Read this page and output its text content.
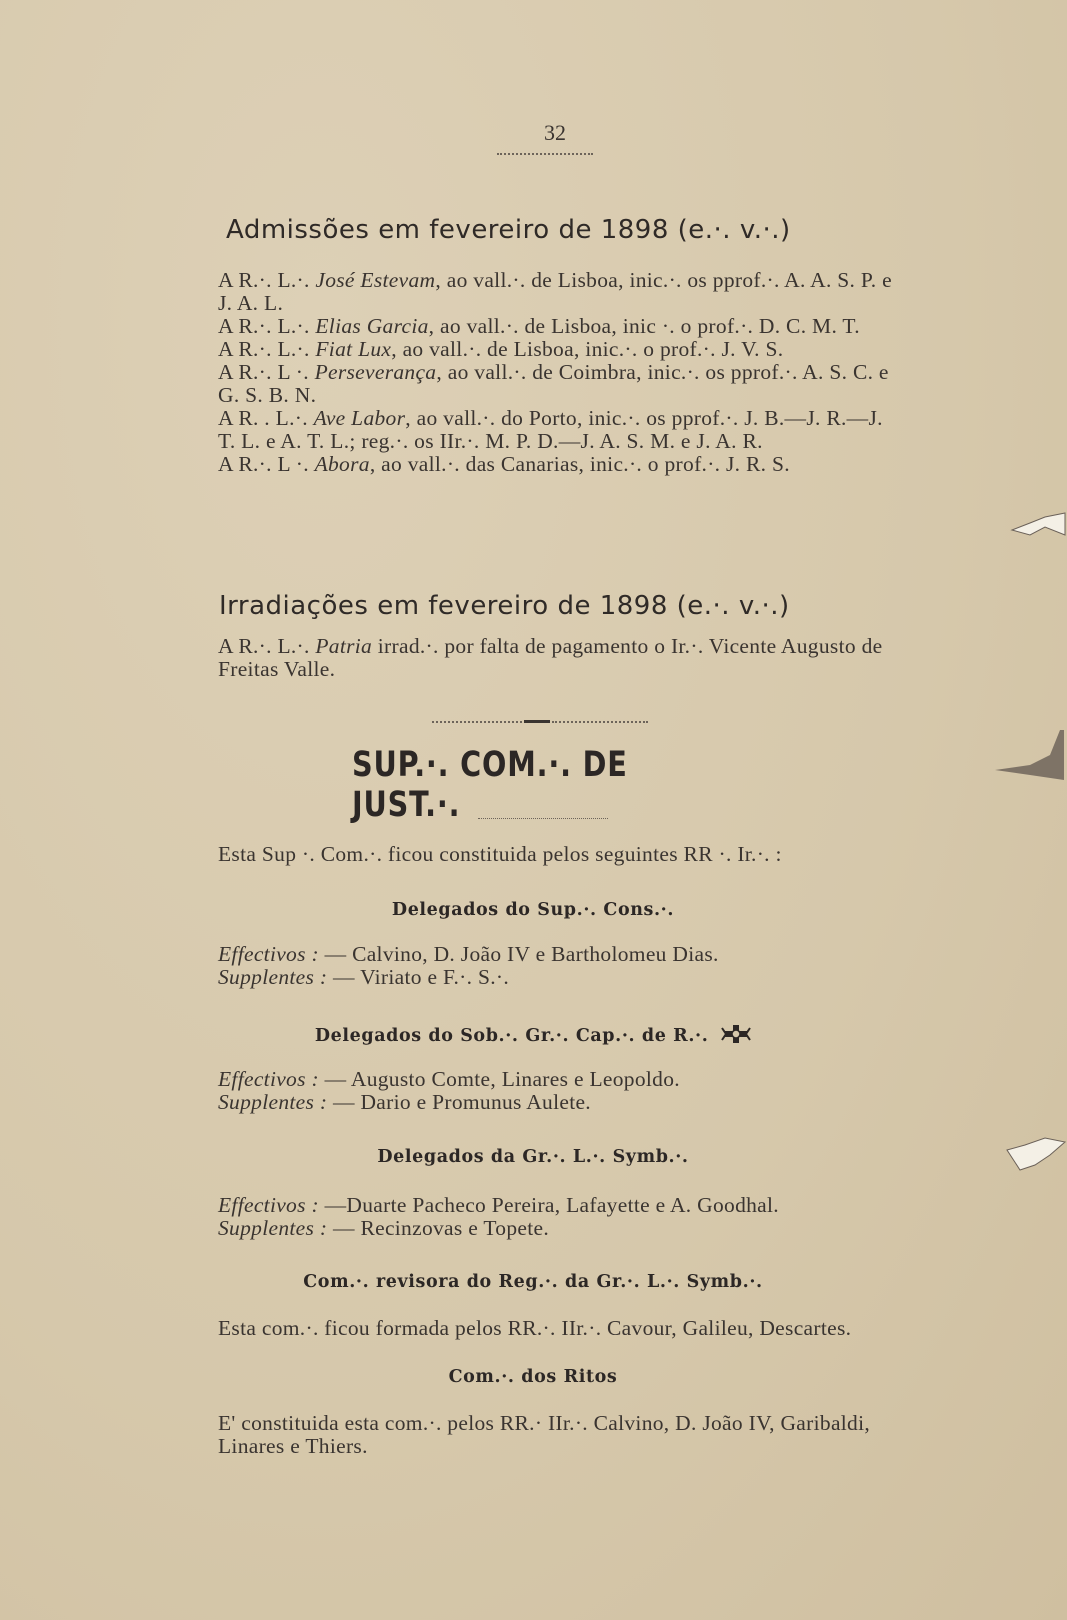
32
Admissões em fevereiro de 1898 (e.·. v.·.)

A R.·. L.·. José Estevam, ao vall.·. de Lisboa, inic.·. os pprof.·. A. A. S. P. e J. A. L.

A R.·. L.·. Elias Garcia, ao vall.·. de Lisboa, inic ·. o prof.·. D. C. M. T.

A R.·. L.·. Fiat Lux, ao vall.·. de Lisboa, inic.·. o prof.·. J. V. S.

A R.·. L ·. Perseverança, ao vall.·. de Coimbra, inic.·. os pprof.·. A. S. C. e G. S. B. N.

A R. . L.·. Ave Labor, ao vall.·. do Porto, inic.·. os pprof.·. J. B.—J. R.—J. T. L. e A. T. L.; reg.·. os IIr.·. M. P. D.—J. A. S. M. e J. A. R.

A R.·. L ·. Abora, ao vall.·. das Canarias, inic.·. o prof.·. J. R. S.

Irradiações em fevereiro de 1898 (e.·. v.·.)

A R.·. L.·. Patria irrad.·. por falta de pagamento o Ir.·. Vicente Augusto de Freitas Valle.

SUP.·. COM.·. DE JUST.·.

Esta Sup ·. Com.·. ficou constituida pelos seguintes RR ·. Ir.·. :

Delegados do Sup.·. Cons.·.

Effectivos : — Calvino, D. João IV e Bartholomeu Dias.

Supplentes : — Viriato e F.·. S.·.

Delegados do Sob.·. Gr.·. Cap.·. de R.·.

Effectivos : — Augusto Comte, Linares e Leopoldo.

Supplentes : — Dario e Promunus Aulete.

Delegados da Gr.·. L.·. Symb.·.

Effectivos : —Duarte Pacheco Pereira, Lafayette e A. Goodhal.

Supplentes : — Recinzovas e Topete.

Com.·. revisora do Reg.·. da Gr.·. L.·. Symb.·.

Esta com.·. ficou formada pelos RR.·. IIr.·. Cavour, Galileu, Descartes.

Com.·. dos Ritos

E' constituida esta com.·. pelos RR.· IIr.·. Calvino, D. João IV, Garibaldi, Linares e Thiers.
